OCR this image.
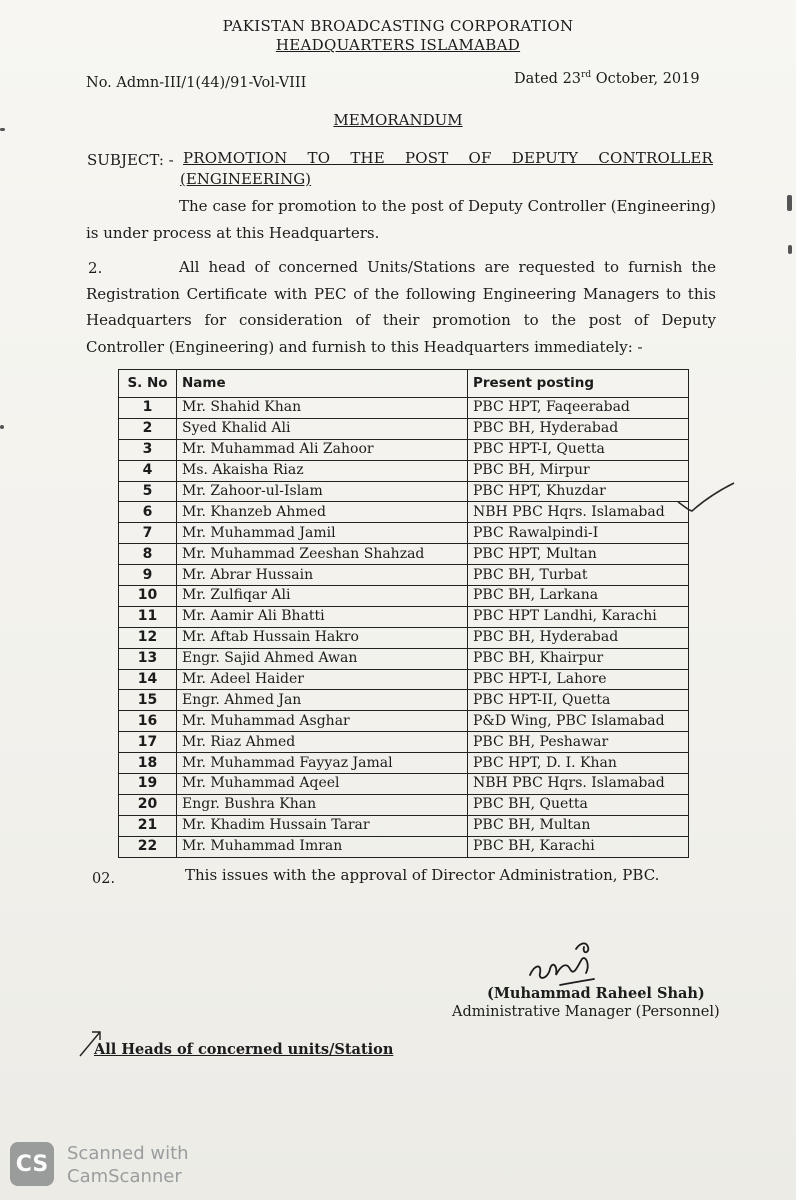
PAKISTAN BROADCASTING CORPORATION
HEADQUARTERS ISLAMABAD
No. Admn-III/1(44)/91-Vol-VIII	Dated 23rd October, 2019
MEMORANDUM
SUBJECT: - PROMOTION TO THE POST OF DEPUTY CONTROLLER
(ENGINEERING)
The case for promotion to the post of Deputy Controller (Engineering) is under process at this Headquarters.
2.	All head of concerned Units/Stations are requested to furnish the Registration Certificate with PEC of the following Engineering Managers to this Headquarters for consideration of their promotion to the post of Deputy Controller (Engineering) and furnish to this Headquarters immediately: -
S. No	Name	Present posting
1	Mr. Shahid Khan	PBC HPT, Faqeerabad
2	Syed Khalid Ali	PBC BH, Hyderabad
3	Mr. Muhammad Ali Zahoor	PBC HPT-I, Quetta
4	Ms. Akaisha Riaz	PBC BH, Mirpur
5	Mr. Zahoor-ul-Islam	PBC HPT, Khuzdar
6	Mr. Khanzeb Ahmed	NBH PBC Hqrs. Islamabad
7	Mr. Muhammad Jamil	PBC Rawalpindi-I
8	Mr. Muhammad Zeeshan Shahzad	PBC HPT, Multan
9	Mr. Abrar Hussain	PBC BH, Turbat
10	Mr. Zulfiqar Ali	PBC BH, Larkana
11	Mr. Aamir Ali Bhatti	PBC HPT Landhi, Karachi
12	Mr. Aftab Hussain Hakro	PBC BH, Hyderabad
13	Engr. Sajid Ahmed Awan	PBC BH, Khairpur
14	Mr. Adeel Haider	PBC HPT-I, Lahore
15	Engr. Ahmed Jan	PBC HPT-II, Quetta
16	Mr. Muhammad Asghar	P&D Wing, PBC Islamabad
17	Mr. Riaz Ahmed	PBC BH, Peshawar
18	Mr. Muhammad Fayyaz Jamal	PBC HPT, D. I. Khan
19	Mr. Muhammad Aqeel	NBH PBC Hqrs. Islamabad
20	Engr. Bushra Khan	PBC BH, Quetta
21	Mr. Khadim Hussain Tarar	PBC BH, Multan
22	Mr. Muhammad Imran	PBC BH, Karachi
02.	This issues with the approval of Director Administration, PBC.
(Muhammad Raheel Shah)
Administrative Manager (Personnel)
All Heads of concerned units/Station
CS	Scanned with
CamScanner
